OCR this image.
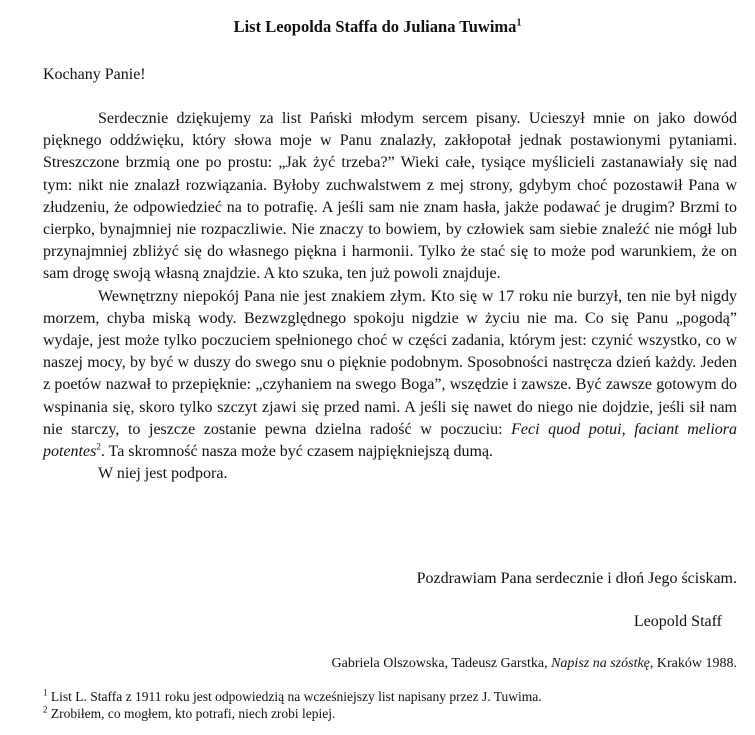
List Leopolda Staffa do Juliana Tuwima$^1$

Kochany Panie!

Serdecznie dziękujemy za list Pański młodym sercem pisany. Ucieszył mnie on jako dowód pięknego oddźwięku, który słowa moje w Panu znalazły, zakłopotał jednak postawionymi pytaniami. Streszczone brzmią one po prostu: „Jak żyć trzeba?” Wieki całe, tysiące myślicieli zastanawiały się nad tym: nikt nie znalazł rozwiązania. Byłoby zuchwalstwem z mej strony, gdybym choć pozostawił Pana w złudzeniu, że odpowiedzieć na to potrafię. A jeśli sam nie znam hasła, jakże podawać je drugim? Brzmi to cierpko, bynajmniej nie rozpaczliwie. Nie znaczy to bowiem, by człowiek sam siebie znaleźć nie mógł lub przynajmniej zbliżyć się do własnego piękna i harmonii. Tylko że stać się to może pod warunkiem, że on sam drogę swoją własną znajdzie. A kto szuka, ten już powoli znajduje.

Wewnętrzny niepokój Pana nie jest znakiem złym. Kto się w 17 roku nie burzył, ten nie był nigdy morzem, chyba miską wody. Bezwzględnego spokoju nigdzie w życiu nie ma. Co się Panu „pogodą” wydaje, jest może tylko poczuciem spełnionego choć w części zadania, którym jest: czynić wszystko, co w naszej mocy, by być w duszy do swego snu o pięknie podobnym. Sposobności nastręcza dzień każdy. Jeden z poetów nazwał to przepięknie: „czyhaniem na swego Boga”, wszędzie i zawsze. Być zawsze gotowym do wspinania się, skoro tylko szczyt zjawi się przed nami. A jeśli się nawet do niego nie dojdzie, jeśli sił nam nie starczy, to jeszcze zostanie pewna dzielna radość w poczuciu: Feci quod potui, faciant meliora potentes$^2$. Ta skromność nasza może być czasem najpiękniejszą dumą.

W niej jest podpora.

Pozdrawiam Pana serdecznie i dłoń Jego ściskam.

Leopold Staff

Gabriela Olszowska, Tadeusz Garstka, Napisz na szóstkę, Kraków 1988.

$^1$ List L. Staffa z 1911 roku jest odpowiedzią na wcześniejszy list napisany przez J. Tuwima.

$^2$ Zrobiłem, co mogłem, kto potrafi, niech zrobi lepiej.
